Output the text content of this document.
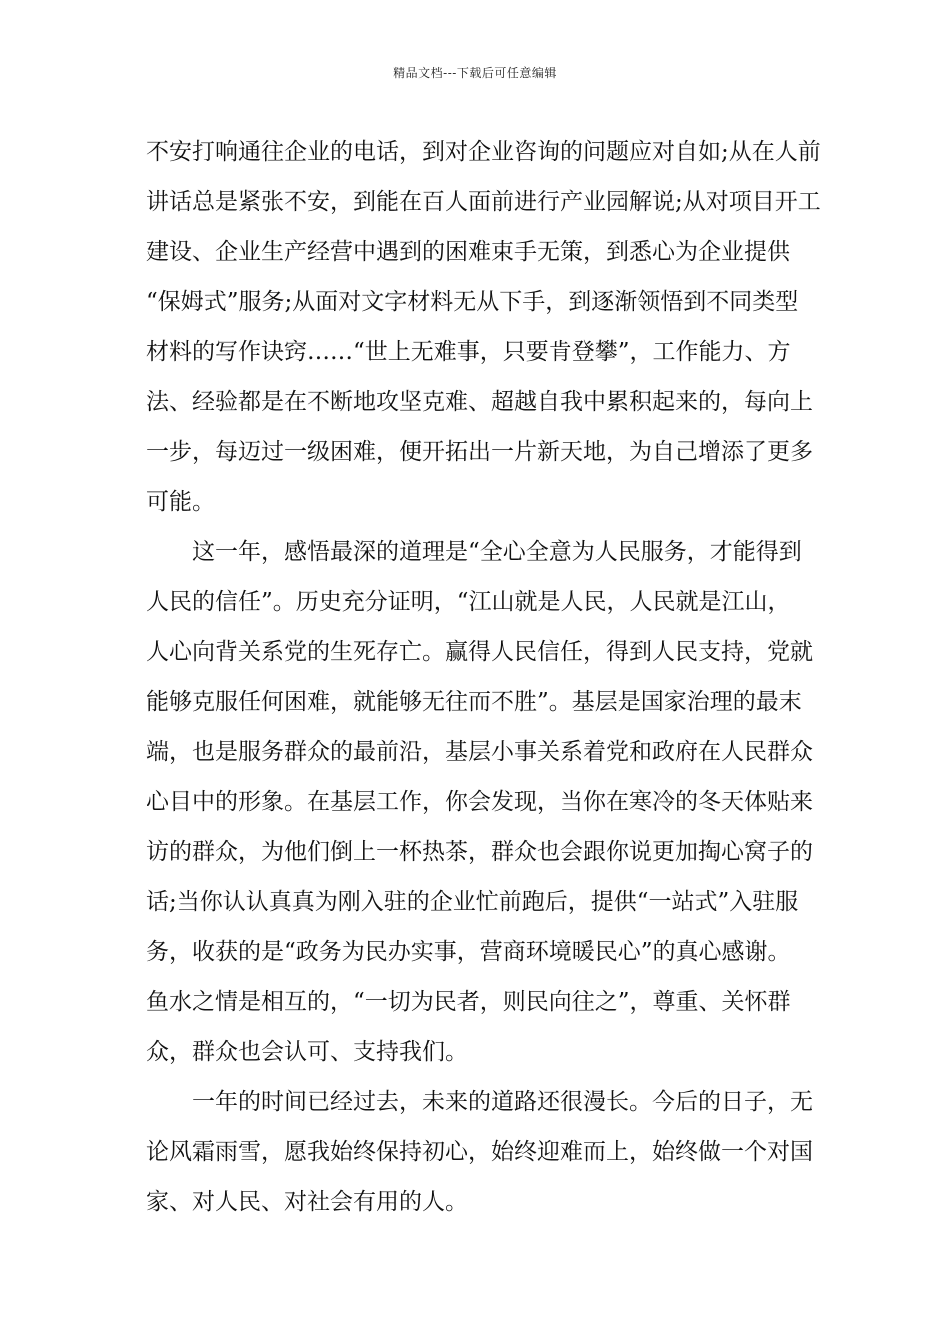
精品文档---下载后可任意编辑
不安打响通往企业的电话，到对企业咨询的问题应对自如;从在人前
讲话总是紧张不安，到能在百人面前进行产业园解说;从对项目开工
建设、企业生产经营中遇到的困难束手无策，到悉心为企业提供
“保姆式”服务;从面对文字材料无从下手，到逐渐领悟到不同类型
材料的写作诀窍……“世上无难事，只要肯登攀”，工作能力、方
法、经验都是在不断地攻坚克难、超越自我中累积起来的，每向上
一步，每迈过一级困难，便开拓出一片新天地，为自己增添了更多
可能。
这一年，感悟最深的道理是“全心全意为人民服务，才能得到
人民的信任”。历史充分证明，“江山就是人民，人民就是江山，
人心向背关系党的生死存亡。赢得人民信任，得到人民支持，党就
能够克服任何困难，就能够无往而不胜”。基层是国家治理的最末
端，也是服务群众的最前沿，基层小事关系着党和政府在人民群众
心目中的形象。在基层工作，你会发现，当你在寒冷的冬天体贴来
访的群众，为他们倒上一杯热茶，群众也会跟你说更加掏心窝子的
话;当你认认真真为刚入驻的企业忙前跑后，提供“一站式”入驻服
务，收获的是“政务为民办实事，营商环境暖民心”的真心感谢。
鱼水之情是相互的，“一切为民者，则民向往之”，尊重、关怀群
众，群众也会认可、支持我们。
一年的时间已经过去，未来的道路还很漫长。今后的日子，无
论风霜雨雪，愿我始终保持初心，始终迎难而上，始终做一个对国
家、对人民、对社会有用的人。
